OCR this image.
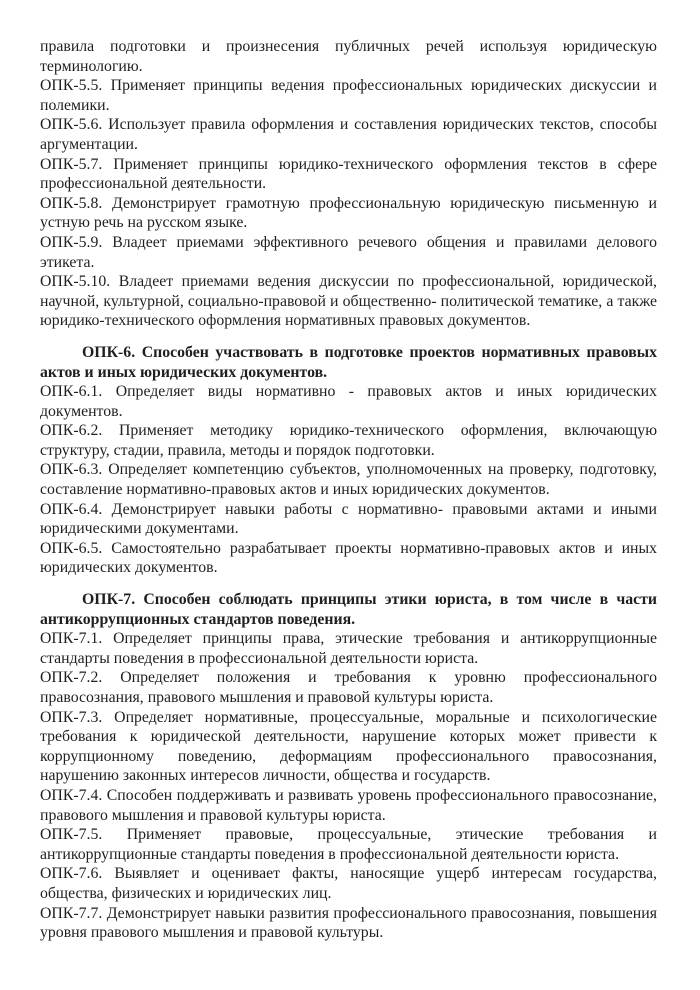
правила подготовки и произнесения публичных речей используя юридическую терминологию.

ОПК-5.5. Применяет принципы ведения профессиональных юридических дискуссии и полемики.

ОПК-5.6. Использует правила оформления и составления юридических текстов, способы аргументации.

ОПК-5.7. Применяет принципы юридико-технического оформления текстов в сфере профессиональной деятельности.

ОПК-5.8. Демонстрирует грамотную профессиональную юридическую письменную и устную речь на русском языке.

ОПК-5.9. Владеет приемами эффективного речевого общения и правилами делового этикета.

ОПК-5.10. Владеет приемами ведения дискуссии по профессиональной, юридической, научной, культурной, социально-правовой и общественно- политической тематике, а также юридико-технического оформления нормативных правовых документов.

ОПК-6. Способен участвовать в подготовке проектов нормативных правовых актов и иных юридических документов.

ОПК-6.1. Определяет виды нормативно - правовых актов и иных юридических документов.

ОПК-6.2. Применяет методику юридико-технического оформления, включающую структуру, стадии, правила, методы и порядок подготовки.

ОПК-6.3. Определяет компетенцию субъектов, уполномоченных на проверку, подготовку, составление нормативно-правовых актов и иных юридических документов.

ОПК-6.4. Демонстрирует навыки работы с нормативно- правовыми актами и иными юридическими документами.

ОПК-6.5. Самостоятельно разрабатывает проекты нормативно-правовых актов и иных юридических документов.

ОПК-7. Способен соблюдать принципы этики юриста, в том числе в части антикоррупционных стандартов поведения.

ОПК-7.1. Определяет принципы права, этические требования и антикоррупционные стандарты поведения в профессиональной деятельности юриста.

ОПК-7.2. Определяет положения и требования к уровню профессионального правосознания, правового мышления и правовой культуры юриста.

ОПК-7.3. Определяет нормативные, процессуальные, моральные и психологические требования к юридической деятельности, нарушение которых может привести к коррупционному поведению, деформациям профессионального правосознания, нарушению законных интересов личности, общества и государств.

ОПК-7.4. Способен поддерживать и развивать уровень профессионального правосознание, правового мышления и правовой культуры юриста.

ОПК-7.5. Применяет правовые, процессуальные, этические требования и антикоррупционные стандарты поведения в профессиональной деятельности юриста.

ОПК-7.6. Выявляет и оценивает факты, наносящие ущерб интересам государства, общества, физических и юридических лиц.

ОПК-7.7. Демонстрирует навыки развития профессионального правосознания, повышения уровня правового мышления и правовой культуры.
